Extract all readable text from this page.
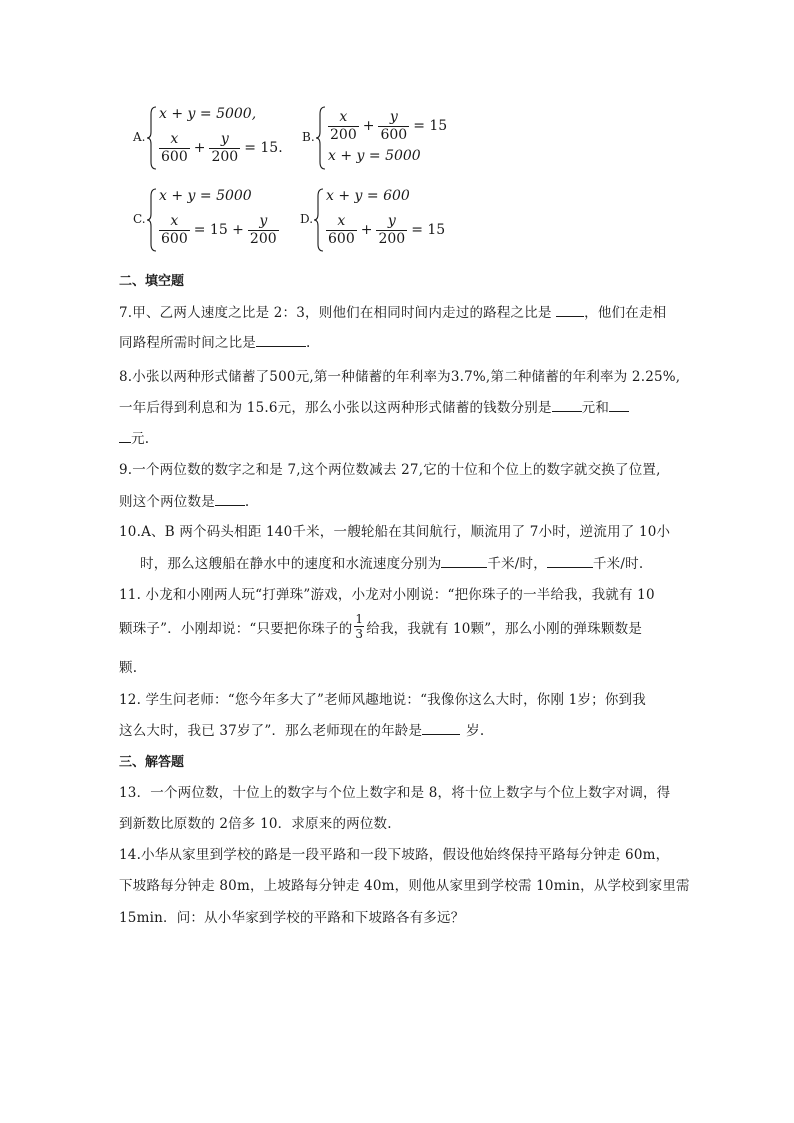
A.
x + y = 5000,
$\frac{x}{600} + \frac{y}{200} = 15$.
B. $\frac{x}{200} + \frac{y}{600} = 15$
x + y = 5000
C.
x + y = 5000
$\frac{x}{600} = 15 + \frac{y}{200} D$.
x + y = 600
$\frac{x}{600} + \frac{y}{200} = 15$
二、填空题
7.甲、乙两人速度之比是 2：3，则他们在相同时间内走过的路程之比是 ，他们在走相
同路程所需时间之比是	.
8.小张以两种形式储蓄了500元,第一种储蓄的年利率为3.7%,第二种储蓄的年利率为 2.25%,
一年后得到利息和为 15.6元，那么小张以这两种形式储蓄的钱数分别是 元和
元.
9.一个两位数的数字之和是 7,这个两位数减去 27,它的十位和个位上的数字就交换了位置,
则这个两位数是 .
10.A、B 两个码头相距 140千米，一艘轮船在其间航行，顺流用了 7小时，逆流用了 10小
时，那么这艘船在静水中的速度和水流速度分别为	千米/时，	千米/时.
11. 小龙和小刚两人玩“打弹珠”游戏，小龙对小刚说：“把你珠子的一半给我，我就有 10
颗珠子”．小刚却说：“只要把你珠子的 $\frac{1}{3}$ 给我，我就有 10颗”，那么小刚的弹珠颗数是
颗.
12. 学生问老师：“您今年多大了”老师风趣地说：“我像你这么大时，你刚 1岁；你到我
这么大时，我已 37岁了”．那么老师现在的年龄是	岁.
三、解答题
13．一个两位数，十位上的数字与个位上数字和是 8，将十位上数字与个位上数字对调，得
到新数比原数的 2倍多 10．求原来的两位数.
14.小华从家里到学校的路是一段平路和一段下坡路，假设他始终保持平路每分钟走 60m，
下坡路每分钟走 80m，上坡路每分钟走 40m，则他从家里到学校需 10min，从学校到家里需
15min．问：从小华家到学校的平路和下坡路各有多远？
